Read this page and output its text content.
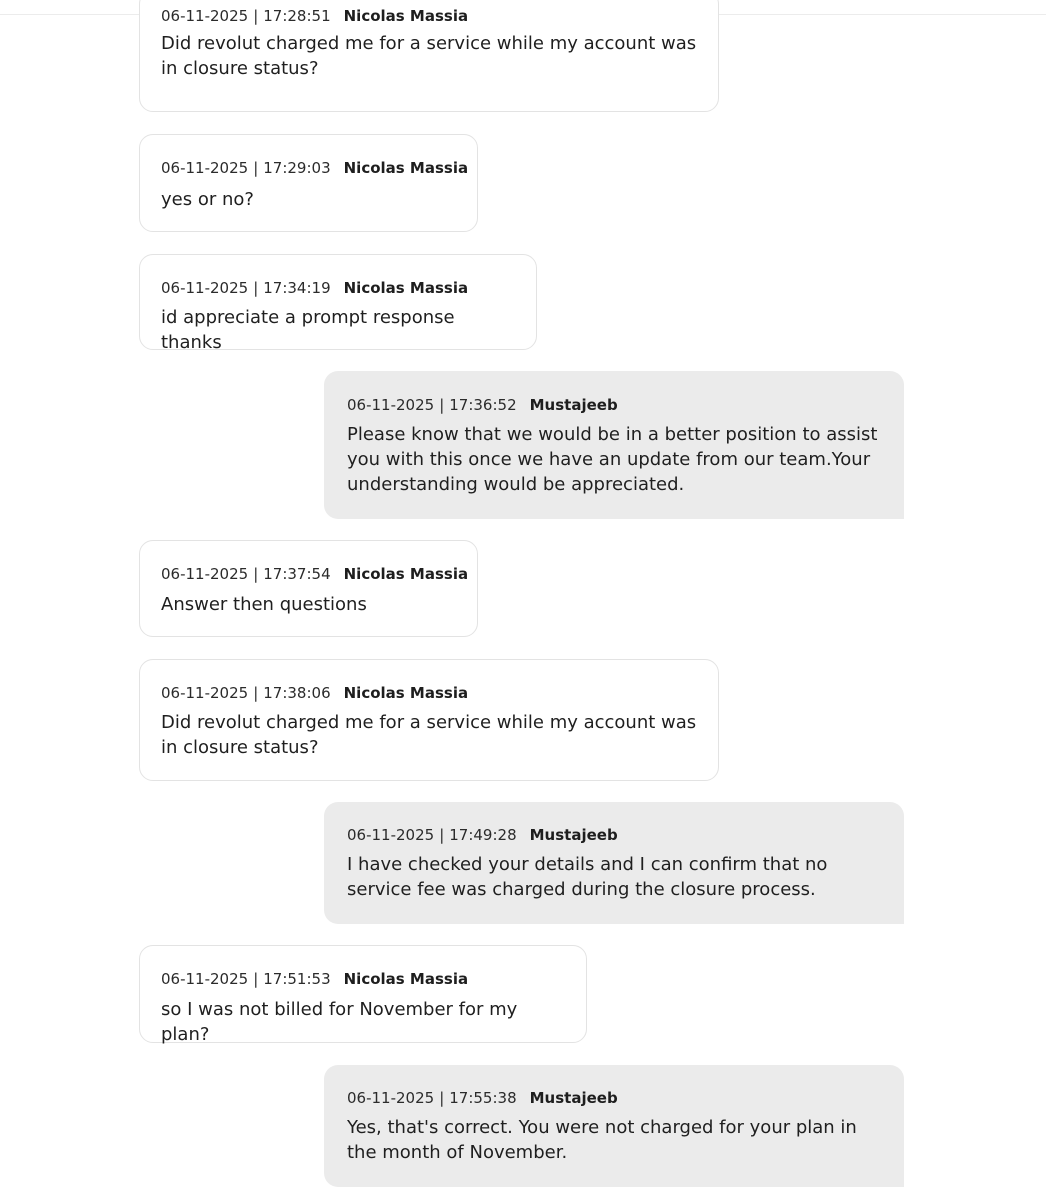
06-11-2025 | 17:28:51 Nicolas Massia
Did revolut charged me for a service while my account was in closure status?
06-11-2025 | 17:29:03 Nicolas Massia
yes or no?
06-11-2025 | 17:34:19 Nicolas Massia
id appreciate a prompt response thanks
06-11-2025 | 17:36:52 Mustajeeb
Please know that we would be in a better position to assist you with this once we have an update from our team.Your understanding would be appreciated.
06-11-2025 | 17:37:54 Nicolas Massia
Answer then questions
06-11-2025 | 17:38:06 Nicolas Massia
Did revolut charged me for a service while my account was in closure status?
06-11-2025 | 17:49:28 Mustajeeb
I have checked your details and I can confirm that no service fee was charged during the closure process.
06-11-2025 | 17:51:53 Nicolas Massia
so I was not billed for November for my plan?
06-11-2025 | 17:55:38 Mustajeeb
Yes, that's correct. You were not charged for your plan in the month of November.
